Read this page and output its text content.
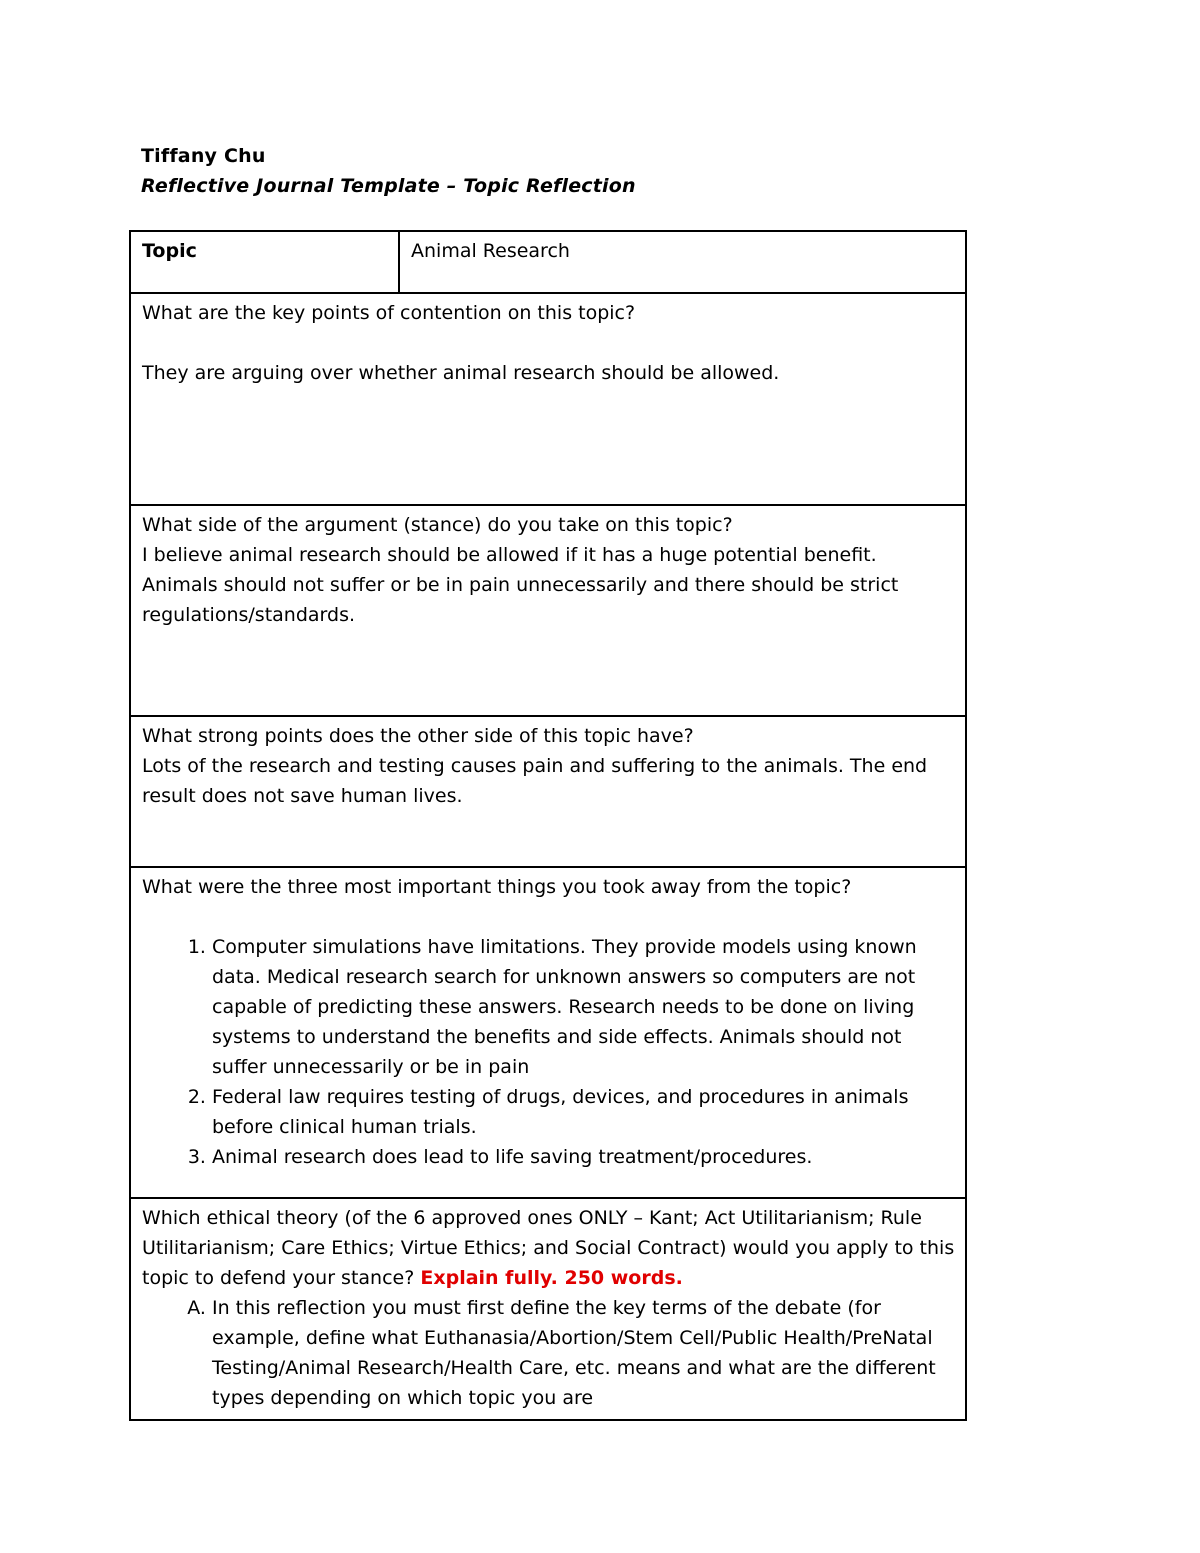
Tiffany Chu
Reflective Journal Template – Topic Reflection
Topic	Animal Research

What are the key points of contention on this topic?

They are arguing over whether animal research should be allowed.

What side of the argument (stance) do you take on this topic?

I believe animal research should be allowed if it has a huge potential benefit. Animals should not suffer or be in pain unnecessarily and there should be strict regulations/standards.

What strong points does the other side of this topic have?

Lots of the research and testing causes pain and suffering to the animals. The end result does not save human lives.

What were the three most important things you took away from the topic?

1. Computer simulations have limitations. They provide models using known data. Medical research search for unknown answers so computers are not capable of predicting these answers. Research needs to be done on living systems to understand the benefits and side effects. Animals should not suffer unnecessarily or be in pain
2. Federal law requires testing of drugs, devices, and procedures in animals before clinical human trials.
3. Animal research does lead to life saving treatment/procedures.

Which ethical theory (of the 6 approved ones ONLY – Kant; Act Utilitarianism; Rule Utilitarianism; Care Ethics; Virtue Ethics; and Social Contract) would you apply to this topic to defend your stance? Explain fully. 250 words.

A. In this reflection you must first define the key terms of the debate (for example, define what Euthanasia/Abortion/Stem Cell/Public Health/PreNatal Testing/Animal Research/Health Care, etc. means and what are the different types depending on which topic you are
